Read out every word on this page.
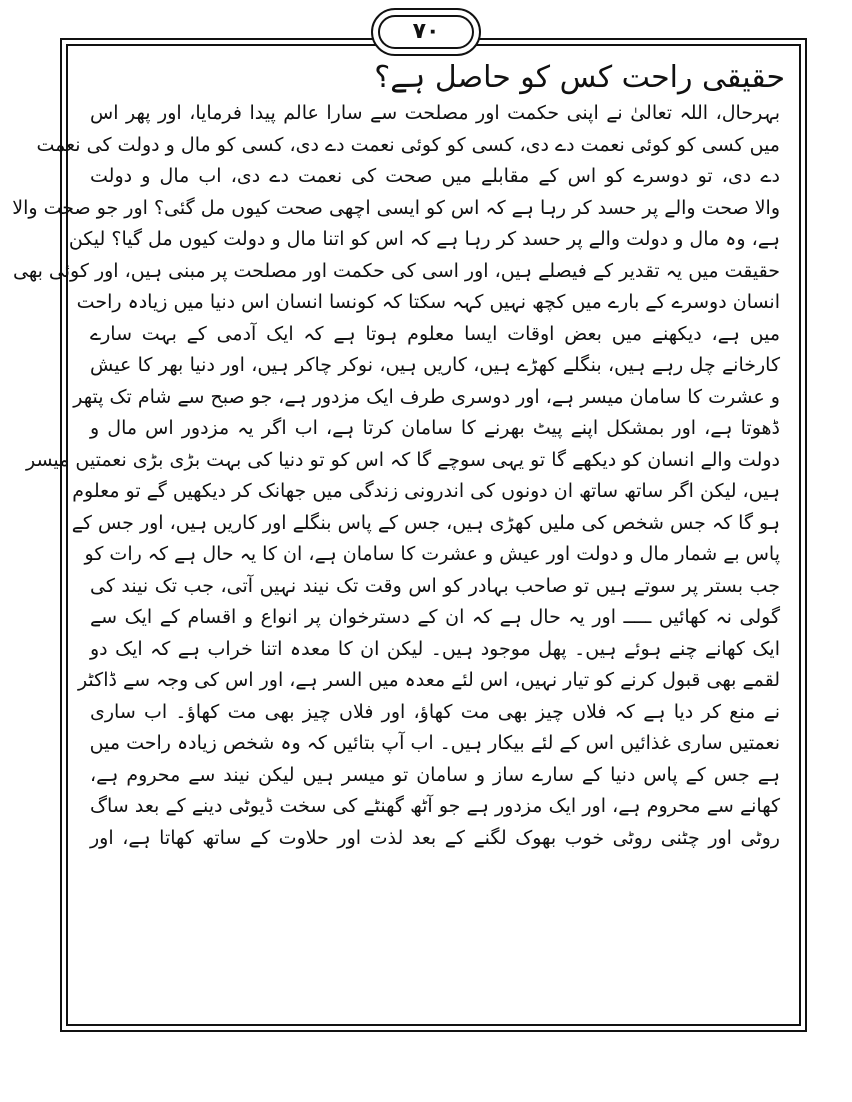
۷۰
حقیقی راحت کس کو حاصل ہے؟
بہرحال، اللہ تعالیٰ نے اپنی حکمت اور مصلحت سے سارا عالم پیدا فرمایا، اور پھر اس
میں کسی کو کوئی نعمت دے دی، کسی کو کوئی نعمت دے دی، کسی کو مال و دولت کی نعمت
دے دی، تو دوسرے کو اس کے مقابلے میں صحت کی نعمت دے دی، اب مال و دولت
والا صحت والے پر حسد کر رہا ہے کہ اس کو ایسی اچھی صحت کیوں مل گئی؟ اور جو صحت والا
ہے، وہ مال و دولت والے پر حسد کر رہا ہے کہ اس کو اتنا مال و دولت کیوں مل گیا؟ لیکن
حقیقت میں یہ تقدیر کے فیصلے ہیں، اور اسی کی حکمت اور مصلحت پر مبنی ہیں، اور کوئی بھی
انسان دوسرے کے بارے میں کچھ نہیں کہہ سکتا کہ کونسا انسان اس دنیا میں زیادہ راحت
میں ہے، دیکھنے میں بعض اوقات ایسا معلوم ہوتا ہے کہ ایک آدمی کے بہت سارے
کارخانے چل رہے ہیں، بنگلے کھڑے ہیں، کاریں ہیں، نوکر چاکر ہیں، اور دنیا بھر کا عیش
و عشرت کا سامان میسر ہے، اور دوسری طرف ایک مزدور ہے، جو صبح سے شام تک پتھر
ڈھوتا ہے، اور بمشکل اپنے پیٹ بھرنے کا سامان کرتا ہے، اب اگر یہ مزدور اس مال و
دولت والے انسان کو دیکھے گا تو یہی سوچے گا کہ اس کو تو دنیا کی بہت بڑی بڑی نعمتیں میسر
ہیں، لیکن اگر ساتھ ساتھ ان دونوں کی اندرونی زندگی میں جھانک کر دیکھیں گے تو معلوم
ہو گا کہ جس شخص کی ملیں کھڑی ہیں، جس کے پاس بنگلے اور کاریں ہیں، اور جس کے
پاس بے شمار مال و دولت اور عیش و عشرت کا سامان ہے، ان کا یہ حال ہے کہ رات کو
جب بستر پر سوتے ہیں تو صاحب بہادر کو اس وقت تک نیند نہیں آتی، جب تک نیند کی
گولی نہ کھائیں ـــــ اور یہ حال ہے کہ ان کے دسترخوان پر انواع و اقسام کے ایک سے
ایک کھانے چنے ہوئے ہیں۔ پھل موجود ہیں۔ لیکن ان کا معدہ اتنا خراب ہے کہ ایک دو
لقمے بھی قبول کرنے کو تیار نہیں، اس لئے معدہ میں السر ہے، اور اس کی وجہ سے ڈاکٹر
نے منع کر دیا ہے کہ فلاں چیز بھی مت کھاؤ، اور فلاں چیز بھی مت کھاؤ۔ اب ساری
نعمتیں ساری غذائیں اس کے لئے بیکار ہیں۔ اب آپ بتائیں کہ وہ شخص زیادہ راحت میں
ہے جس کے پاس دنیا کے سارے ساز و سامان تو میسر ہیں لیکن نیند سے محروم ہے،
کھانے سے محروم ہے، اور ایک مزدور ہے جو آٹھ گھنٹے کی سخت ڈیوٹی دینے کے بعد ساگ
روٹی اور چٹنی روٹی خوب بھوک لگنے کے بعد لذت اور حلاوت کے ساتھ کھاتا ہے، اور
